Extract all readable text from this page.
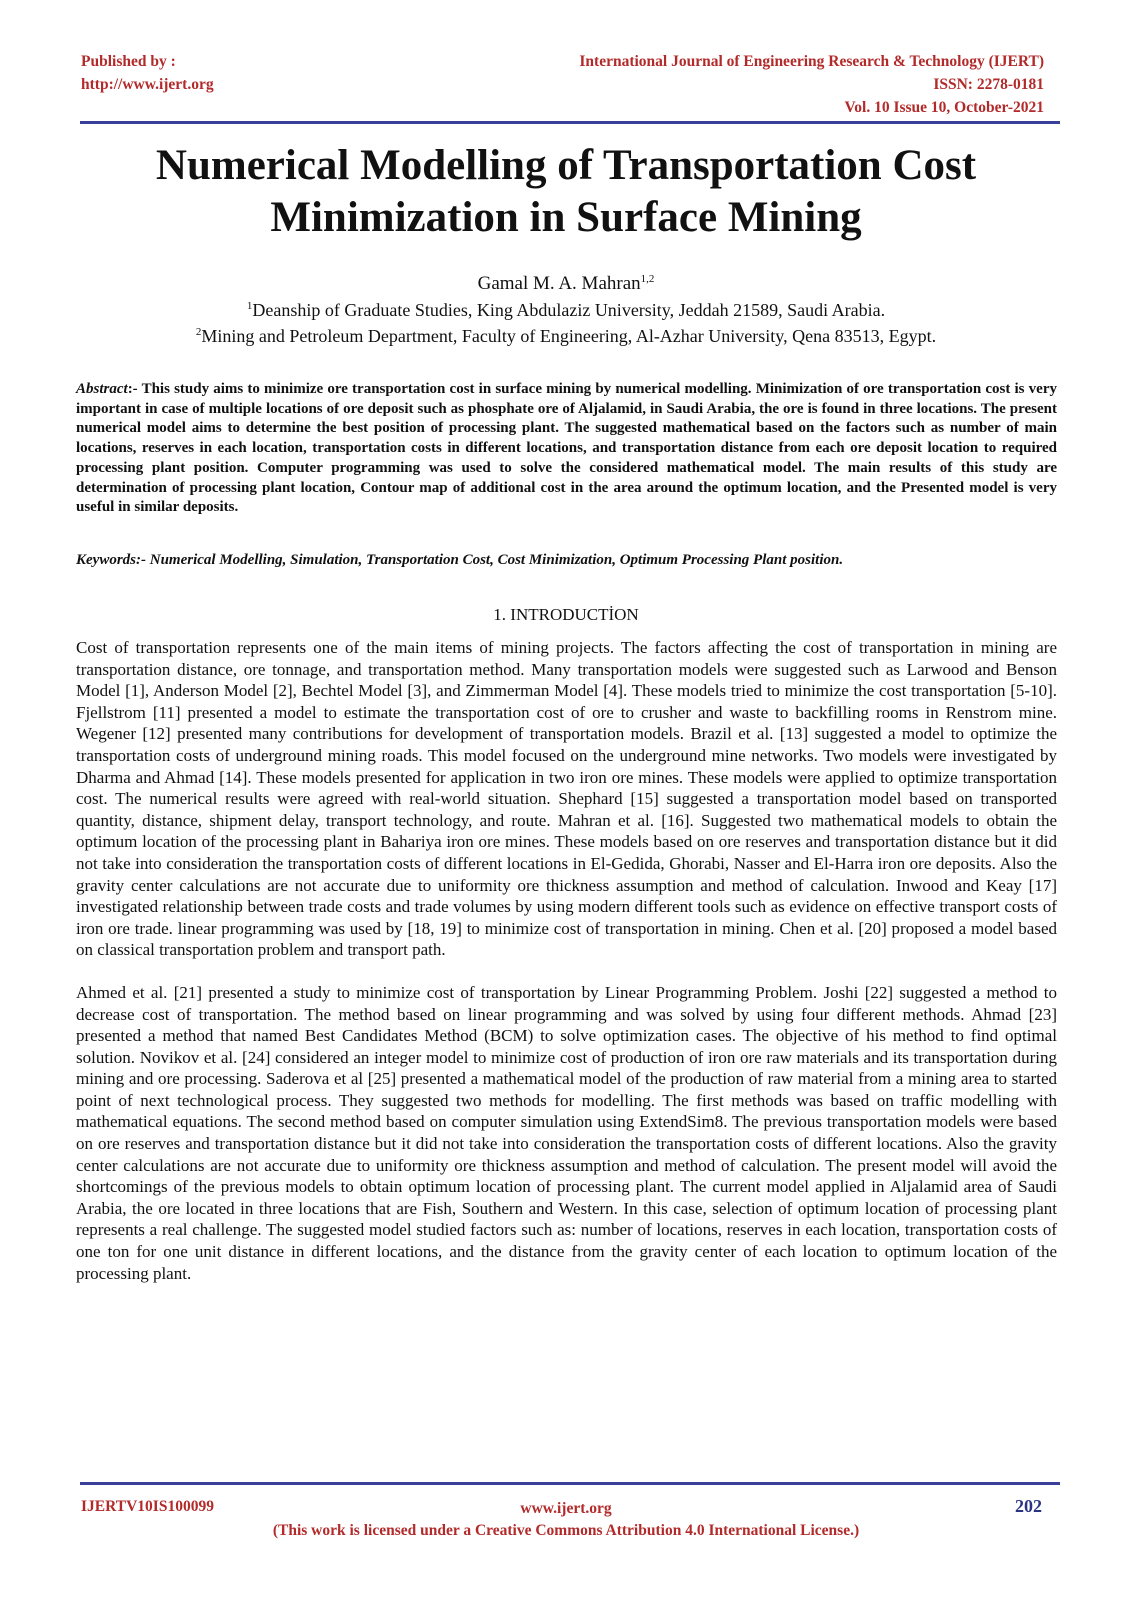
Published by :
http://www.ijert.org
International Journal of Engineering Research & Technology (IJERT)
ISSN: 2278-0181
Vol. 10 Issue 10, October-2021
Numerical Modelling of Transportation Cost
Minimization in Surface Mining
Gamal M. A. Mahran$^{1,2}$
$^1$Deanship of Graduate Studies, King Abdulaziz University, Jeddah 21589, Saudi Arabia.
$^2$Mining and Petroleum Department, Faculty of Engineering, Al-Azhar University, Qena 83513, Egypt.
Abstract:- This study aims to minimize ore transportation cost in surface mining by numerical modelling. Minimization of ore transportation cost is very important in case of multiple locations of ore deposit such as phosphate ore of Aljalamid, in Saudi Arabia, the ore is found in three locations. The present numerical model aims to determine the best position of processing plant. The suggested mathematical based on the factors such as number of main locations, reserves in each location, transportation costs in different locations, and transportation distance from each ore deposit location to required processing plant position. Computer programming was used to solve the considered mathematical model. The main results of this study are determination of processing plant location, Contour map of additional cost in the area around the optimum location, and the Presented model is very useful in similar deposits.
Keywords:- Numerical Modelling, Simulation, Transportation Cost, Cost Minimization, Optimum Processing Plant position.
1. INTRODUCTİON

Cost of transportation represents one of the main items of mining projects. The factors affecting the cost of transportation in mining are transportation distance, ore tonnage, and transportation method. Many transportation models were suggested such as Larwood and Benson Model [1], Anderson Model [2], Bechtel Model [3], and Zimmerman Model [4]. These models tried to minimize the cost transportation [5-10]. Fjellstrom [11] presented a model to estimate the transportation cost of ore to crusher and waste to backfilling rooms in Renstrom mine. Wegener [12] presented many contributions for development of transportation models. Brazil et al. [13] suggested a model to optimize the transportation costs of underground mining roads. This model focused on the underground mine networks. Two models were investigated by Dharma and Ahmad [14]. These models presented for application in two iron ore mines. These models were applied to optimize transportation cost. The numerical results were agreed with real-world situation. Shephard [15] suggested a transportation model based on transported quantity, distance, shipment delay, transport technology, and route. Mahran et al. [16]. Suggested two mathematical models to obtain the optimum location of the processing plant in Bahariya iron ore mines. These models based on ore reserves and transportation distance but it did not take into consideration the transportation costs of different locations in El-Gedida, Ghorabi, Nasser and El-Harra iron ore deposits. Also the gravity center calculations are not accurate due to uniformity ore thickness assumption and method of calculation. Inwood and Keay [17] investigated relationship between trade costs and trade volumes by using modern different tools such as evidence on effective transport costs of iron ore trade. linear programming was used by [18, 19] to minimize cost of transportation in mining. Chen et al. [20] proposed a model based on classical transportation problem and transport path.

Ahmed et al. [21] presented a study to minimize cost of transportation by Linear Programming Problem. Joshi [22] suggested a method to decrease cost of transportation. The method based on linear programming and was solved by using four different methods. Ahmad [23] presented a method that named Best Candidates Method (BCM) to solve optimization cases. The objective of his method to find optimal solution. Novikov et al. [24] considered an integer model to minimize cost of production of iron ore raw materials and its transportation during mining and ore processing. Saderova et al [25] presented a mathematical model of the production of raw material from a mining area to started point of next technological process. They suggested two methods for modelling. The first methods was based on traffic modelling with mathematical equations. The second method based on computer simulation using ExtendSim8. The previous transportation models were based on ore reserves and transportation distance but it did not take into consideration the transportation costs of different locations. Also the gravity center calculations are not accurate due to uniformity ore thickness assumption and method of calculation. The present model will avoid the shortcomings of the previous models to obtain optimum location of processing plant. The current model applied in Aljalamid area of Saudi Arabia, the ore located in three locations that are Fish, Southern and Western. In this case, selection of optimum location of processing plant represents a real challenge. The suggested model studied factors such as: number of locations, reserves in each location, transportation costs of one ton for one unit distance in different locations, and the distance from the gravity center of each location to optimum location of the processing plant.

IJERTV10IS100099	www.ijert.org
(This work is licensed under a Creative Commons Attribution 4.0 International License.)
202
